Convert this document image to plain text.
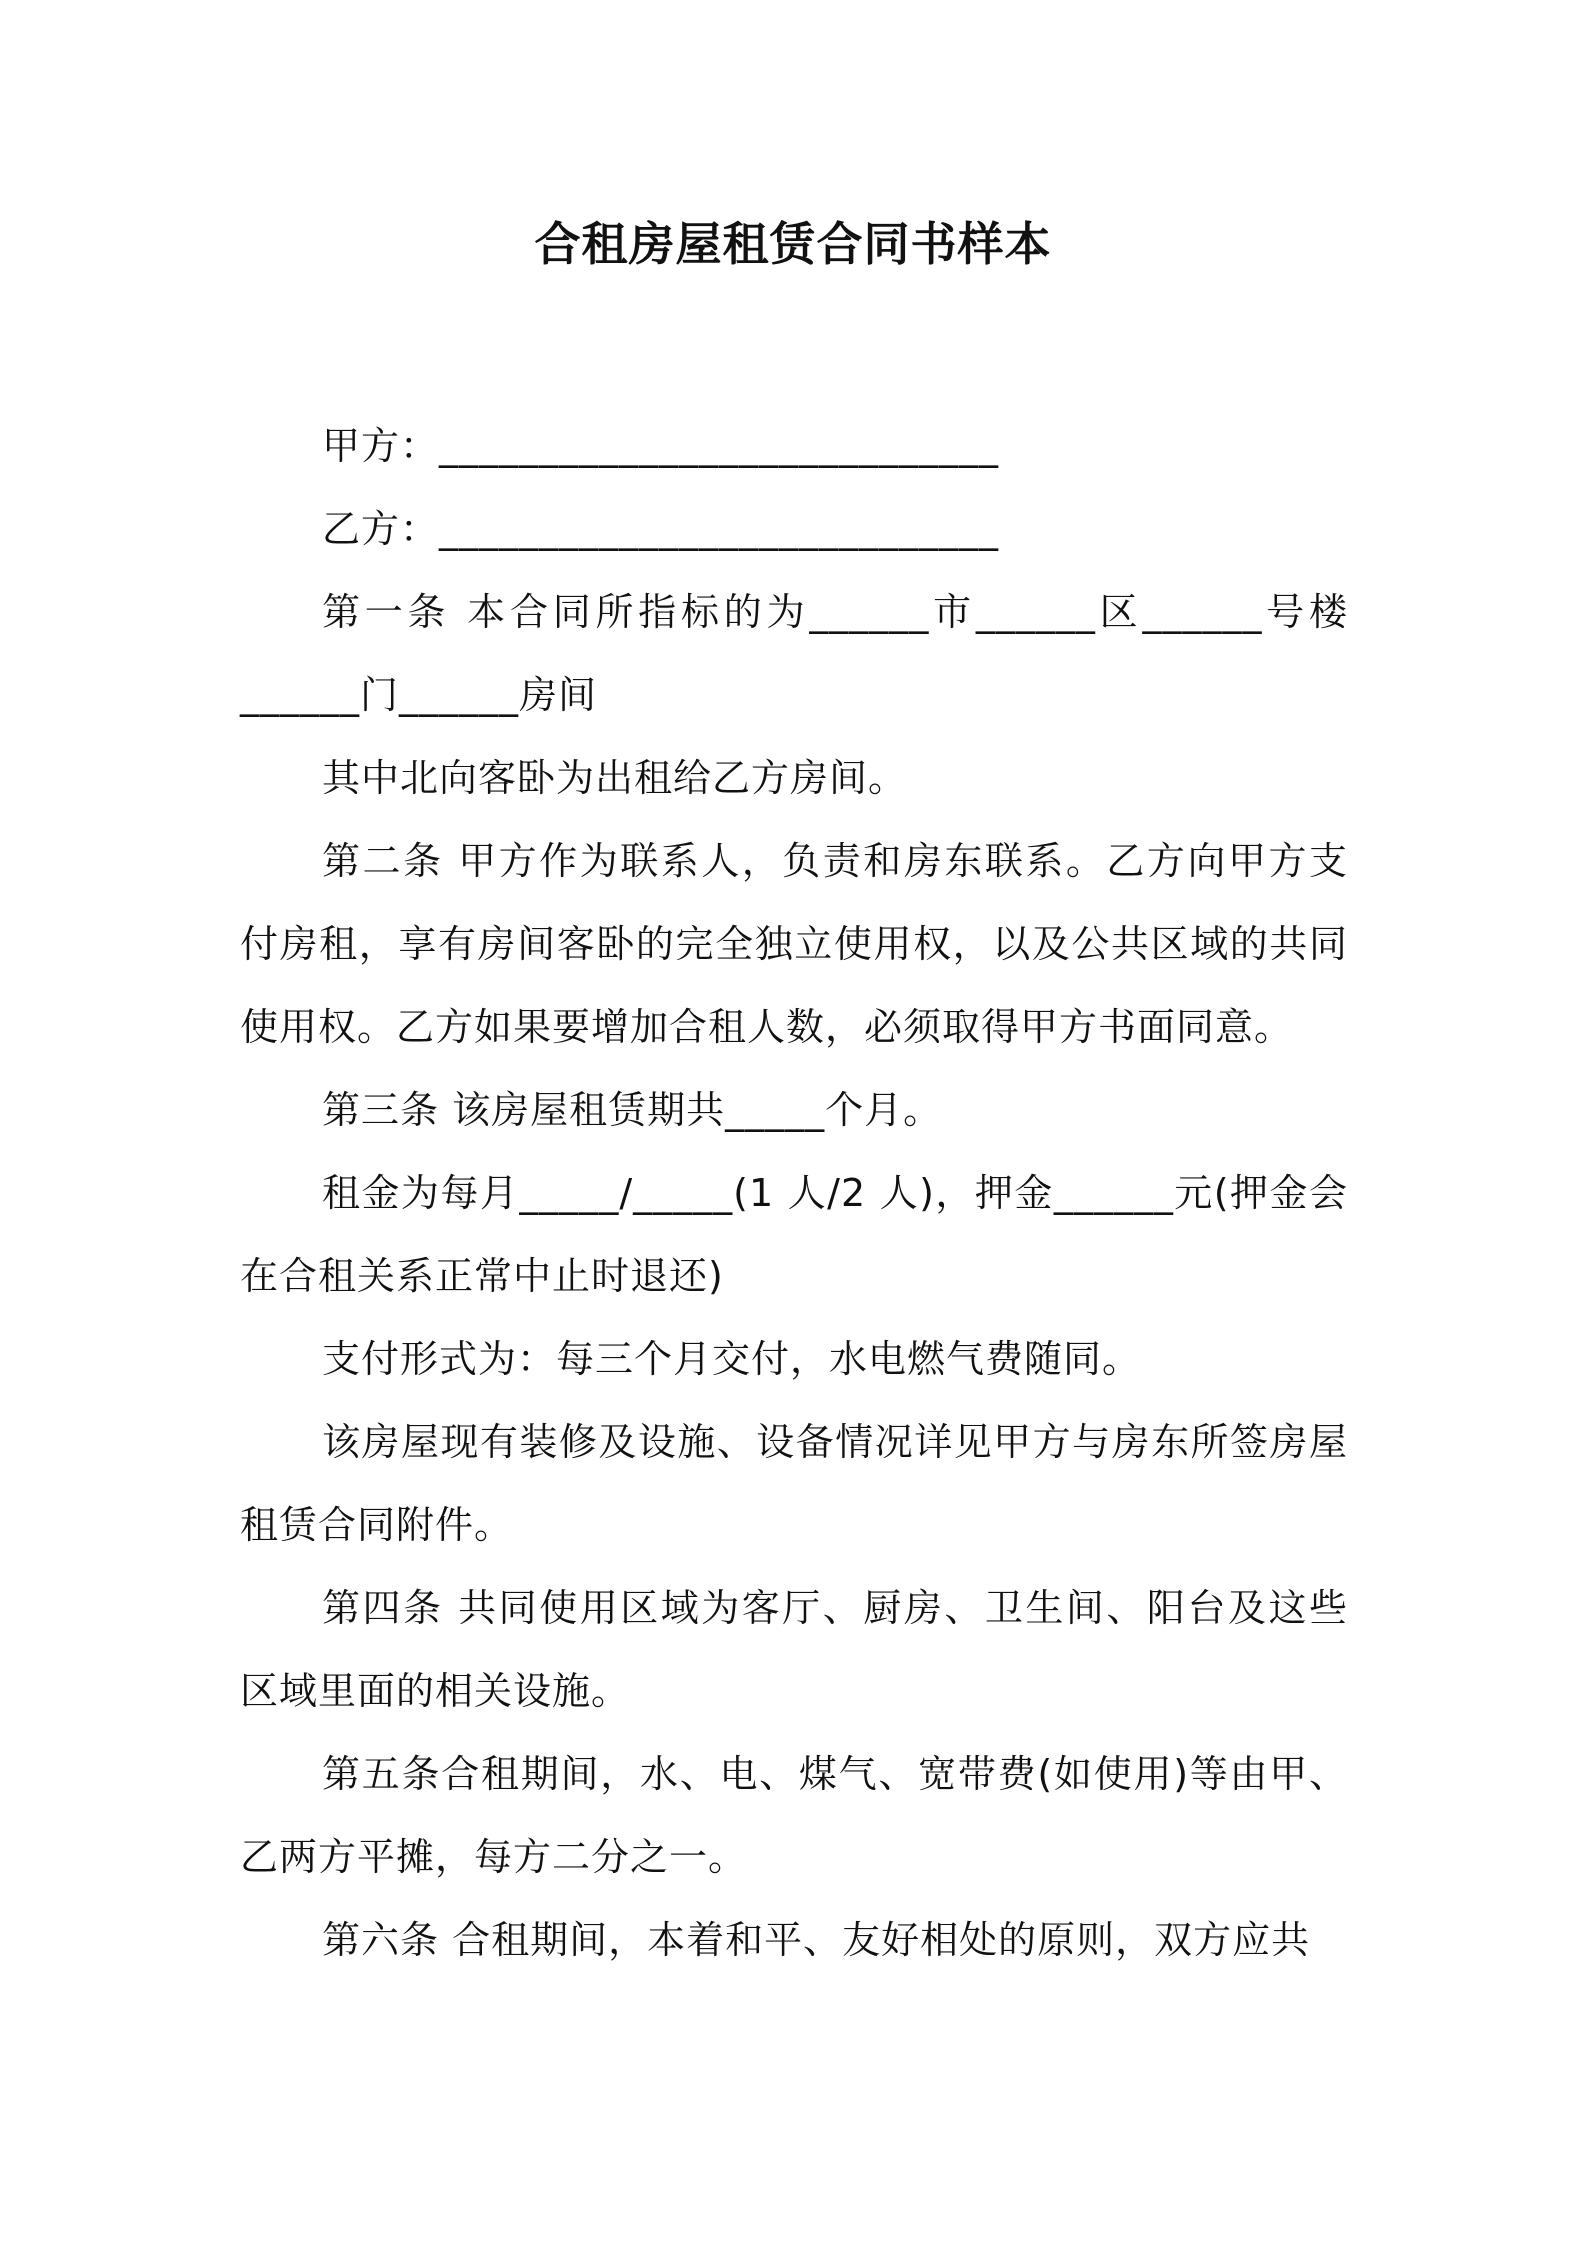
合租房屋租赁合同书样本

甲方：____________________________

乙方：____________________________

第一条 本合同所指标的为______市______区______号楼______门______房间

其中北向客卧为出租给乙方房间。

第二条 甲方作为联系人，负责和房东联系。乙方向甲方支付房租，享有房间客卧的完全独立使用权，以及公共区域的共同使用权。乙方如果要增加合租人数，必须取得甲方书面同意。

第三条 该房屋租赁期共_____个月。

租金为每月_____/_____(1 人/2 人)，押金______元(押金会在合租关系正常中止时退还)

支付形式为：每三个月交付，水电燃气费随同。

该房屋现有装修及设施、设备情况详见甲方与房东所签房屋租赁合同附件。

第四条 共同使用区域为客厅、厨房、卫生间、阳台及这些区域里面的相关设施。

第五条合租期间，水、电、煤气、宽带费(如使用)等由甲、乙两方平摊，每方二分之一。

第六条 合租期间，本着和平、友好相处的原则，双方应共
